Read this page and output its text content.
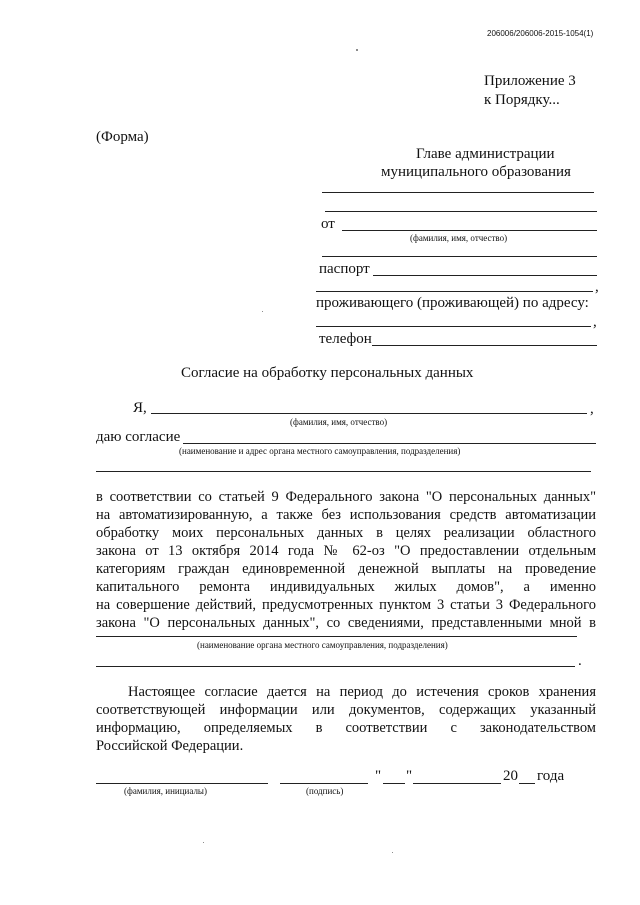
206006/206006-2015-1054(1)
Приложение 3
к Порядку...
(Форма)
Главе администрации
муниципального образования
от
(фамилия, имя, отчество)
паспорт
,
проживающего (проживающей) по адресу:
,
телефон
Согласие на обработку персональных данных
Я,	,
(фамилия, имя, отчество)
даю согласие
(наименование и адрес органа местного самоуправления, подразделения)
в соответствии со статьей 9 Федерального закона "О персональных данных"
на автоматизированную, а также без использования средств автоматизации
обработку моих персональных данных в целях реализации областного
закона от 13 октября 2014 года № 62-оз "О предоставлении отдельным
категориям граждан единовременной денежной выплаты на проведение
капитального ремонта индивидуальных жилых домов", а именно
на совершение действий, предусмотренных пунктом 3 статьи 3 Федерального
закона "О персональных данных", со сведениями, представленными мной в
(наименование органа местного самоуправления, подразделения)
.
Настоящее согласие дается на период до истечения сроков хранения
соответствующей информации или документов, содержащих указанный
информацию, определяемых в соответствии с законодательством
Российской Федерации.
" "	20 года
(фамилия, инициалы)	(подпись)
